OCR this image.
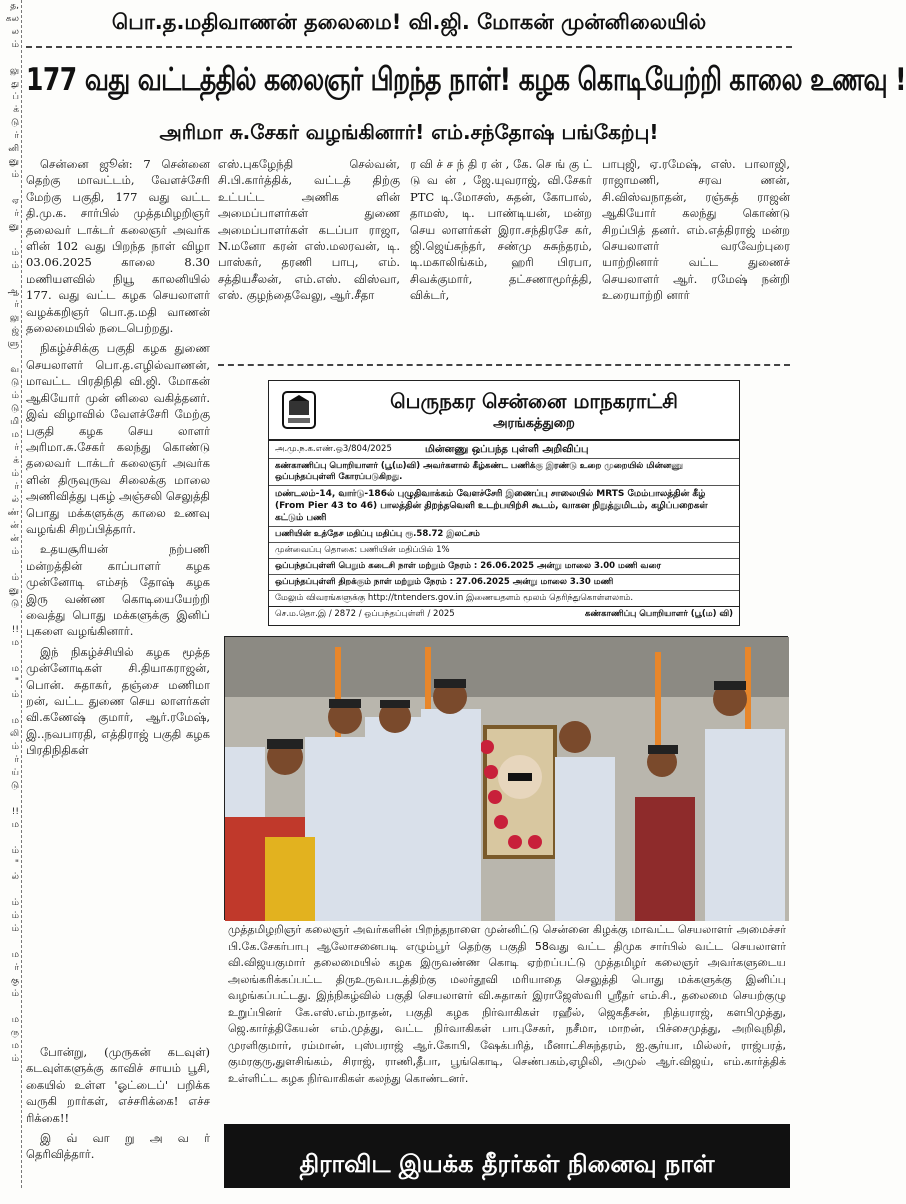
த,
கல
ல
ம்

லு
து
ப்
க்
டு
ர்
னி
னு
ம்

ஏ
ர்
னு

ம்
ம்

ஆ
ர்
லு
ஜ்
ளு

வ
டு
ம்
டு
மி
ம
ர்
க்
ம்
ர்
ல்
ண்
ன்
ன்
ம்

ம்
னு
டு

!!
ம

ம
"
ம்

ம
லி
ம்
ர்
ய்
டு

!!
ம

ம்
"
ல்

ம்
ம்
ம்

ம
ர்
கு
ம்

ம
ரு
ம
ம்
பொ.த.மதிவாணன் தலைமை! வி.ஜி. மோகன் முன்னிலையில்
177 வது வட்டத்தில் கலைஞர் பிறந்த நாள்! கழக கொடியேற்றி காலை உணவு !
அரிமா சு.சேகர் வழங்கினார்! எம்.சந்தோஷ் பங்கேற்பு!

சென்னை ஜூன்: 7 சென்னை தெற்கு மாவட்டம், வேளச்சேரி மேற்கு பகுதி, 177 வது வட்ட தி.மு.க. சார்பில் முத்தமிழறிஞர் தலைவர் டாக்டர் கலைஞர் அவர்க ளின் 102 வது பிறந்த நாள் விழா 03.06.2025 காலை 8.30 மணியளவில் நியூ காலனியில் 177. வது வட்ட கழக செயலாளர் வழக்கறிஞர் பொ.த.மதி வாணன் தலைமையில் நடைபெற்றது.

நிகழ்ச்சிக்கு பகுதி கழக துணை செயலாளர் பொ.த.எழில்வாணன், மாவட்ட பிரதிநிதி வி.ஜி. மோகன் ஆகியோர் முன் னிலை வகித்தனர். இவ் விழாவில் வேளச்சேரி மேற்கு பகுதி கழக செய லாளர் அரிமா.சு.சேகர் கலந்து கொண்டு தலைவர் டாக்டர் கலைஞர் அவர்க ளின் திருவுருவ சிலைக்கு மாலை அணிவித்து புகழ் அஞ்சலி செலுத்தி பொது மக்களுக்கு காலை உணவு வழங்கி சிறப்பித்தார்.

உதயசூரியன் நற்பணி மன்றத்தின் காப்பாளர் கழக முன்னோடி எம்சந் தோஷ் கழக இரு வண்ண கொடியையேற்றி வைத்து பொது மக்களுக்கு இனிப் புகளை வழங்கினார்.

இந் நிகழ்ச்சியில் கழக மூத்த முன்னோடிகள் சி.தியாகராஜன், பொன். சுதாகர், தஞ்சை மணிமா றன், வட்ட துணை செய லாளர்கள் வி.கணேஷ் குமார், ஆர்.ரமேஷ், இ..நவபாரதி, எத்திராஜ் பகுதி கழக பிரதிநிதிகள்

போன்று, (முருகன் கடவுள்) கடவுள்களுக்கு காவிச் சாயம் பூசி, கையில் உள்ள 'ஓட்டைப்' பறிக்க வருகி றார்கள், எச்சரிக்கை! எச்ச ரிக்கை!!

இ வ் வா று அ வ ர் தெரிவித்தார்.

எஸ்.புகழேந்தி செல்வன், சி.பி.கார்த்திக், வட்டத் திற்கு உட்பட்ட அணிக ளின் அமைப்பாளர்கள் துணை அமைப்பாளர்கள் கடப்பா ராஜா, N.மனோ கரன் எஸ்.மலரவன், டி. பாஸ்கர், தரணி பாபு, எம். சத்தியசீலன், எம்.எஸ். விஸ்வா, எஸ். குழந்தைவேலு, ஆர்.சீதா

ர வி ச் ச ந் தி ர ன் , கே. செ ங் கு ட் டு வ ன் , ஜே.யுவராஜ், வி.சேகர் PTC டி.மோசஸ், சுதன், கோபால், தாமஸ், டி. பாண்டியன், மன்ற செய லாளர்கள் இரா.சந்திரசே கர், ஜி.ஜெய்சுந்தர், சண்மு சுசுந்தரம், டி.மகாலிங்கம், ஹரி பிரபா, சிவக்குமார், தட்சணாமூர்த்தி, விக்டர்,

பாபுஜி, ஏ.ரமேஷ், எஸ். பாலாஜி, ராஜாமணி, சரவ ணன், சி.விஸ்வநாதன், ரஞ்சுத் ராஜன் ஆகியோர் கலந்து கொண்டு சிறப்பித் தனர். எம்.எத்திராஜ் மன்ற செயலாளர் வரவேற்புரை யாற்றினார் வட்ட துணைச் செயலாளர் ஆர். ரமேஷ் நன்றி உரையாற்றி னார்

பெருநகர சென்னை மாநகராட்சி
அரங்கத்துறை
அ.மு.ந.க.எண்.ஒ3/804/2025	மின்னணு ஒப்பந்த புள்ளி அறிவிப்பு
கண்காணிப்பு பொறியாளர் (பூ(ம)வி) அவர்களால் கீழ்கண்ட பணிக்கு இரண்டு உறை முறையில் மின்னணு ஒப்பந்தப்புள்ளி கோரப்படுகிறது.
மண்டலம்-14, வார்டு-186ல் புழுதிவாக்கம் வேளச்சேரி இணைப்பு சாலையில் MRTS மேம்பாலத்தின் கீழ் (From Pier 43 to 46) பாலத்தின் திறந்தவெளி உடற்பயிற்சி கூடம், வாகன நிறுத்துமிடம், கழிப்பறைகள் கட்டும் பணி
பணியின் உத்தேச மதிப்பு மதிப்பு ரூ.58.72 இலட்சம்
முன்வைப்பு தொகை: பணியின் மதிப்பில் 1%
ஒப்பந்தப்புள்ளி பெறும் கடைசி நாள் மற்றும் நேரம் : 26.06.2025 அன்று மாலை 3.00 மணி வரை
ஒப்பந்தப்புள்ளி திறக்கும் நாள் மற்றும் நேரம் : 27.06.2025 அன்று மாலை 3.30 மணி
மேலும் விவரங்களுக்கு http://tntenders.gov.in இணையதளம் மூலம் தெரிந்துகொள்ளலாம்.
செ.ம.தொ.இ / 2872 / ஒப்பந்தப்புள்ளி / 2025	கண்காணிப்பு பொறியாளர் (பூ(ம) வி)
முத்தமிழறிஞர் கலைஞர் அவர்களின் பிறந்தநாளை முன்னிட்டு சென்னை கிழக்கு மாவட்ட செயலாளர் அமைச்சர் பி.கே.சேகர்பாபு ஆலோசனைபடி எழும்பூர் தெற்கு பகுதி 58வது வட்ட திமுக சார்பில் வட்ட செயலாளர் வி.விஜயகுமார் தலைமையில் கழக இருவண்ண கொடி ஏற்றப்பட்டு முத்தமிழர் கலைஞர் அவர்களுடைய அலங்கரிக்கப்பட்ட திருஉருவபடத்திற்கு மலர்தூவி மரியாதை செலுத்தி பொது மக்களுக்கு இனிப்பு வழங்கப்பட்டது. இந்நிகழ்வில் பகுதி செயலாளர் வி.சுதாகர் இராஜேஸ்வரி ஸ்ரீதர் எம்.சி., தலைமை செயற்குழு உறுப்பினர் கே.எஸ்.எம்.நாதன், பகுதி கழக நிர்வாகிகள் ரஹீல், ஜெகதீசன், நித்யராஜ், களபிமுத்து, ஜெ.கார்த்திகேயன் எம்.முத்து, வட்ட நிர்வாகிகள் பாபுசேகர், நசீமா, மாறன், பிச்சைமுத்து, அறிவுநிதி, முரளிகுமார், ரம்மான், புஸ்பராஜ் ஆர்.கோபி, ஷேக்பரித், மீனாட்சிசுந்தரம், ஐ.சூர்யா, மில்லர், ராஜ்பரத், குமரகுரு,துளசிங்கம், சிராஜ், ராணி,தீபா, பூங்கொடி, செண்பகம்,ஏழிலி, அமுல் ஆர்.விஜய், எம்.கார்த்திக் உள்ளிட்ட கழக நிர்வாகிகள் கலந்து கொண்டனர்.
திராவிட இயக்க தீரர்கள் நினைவு நாள்
